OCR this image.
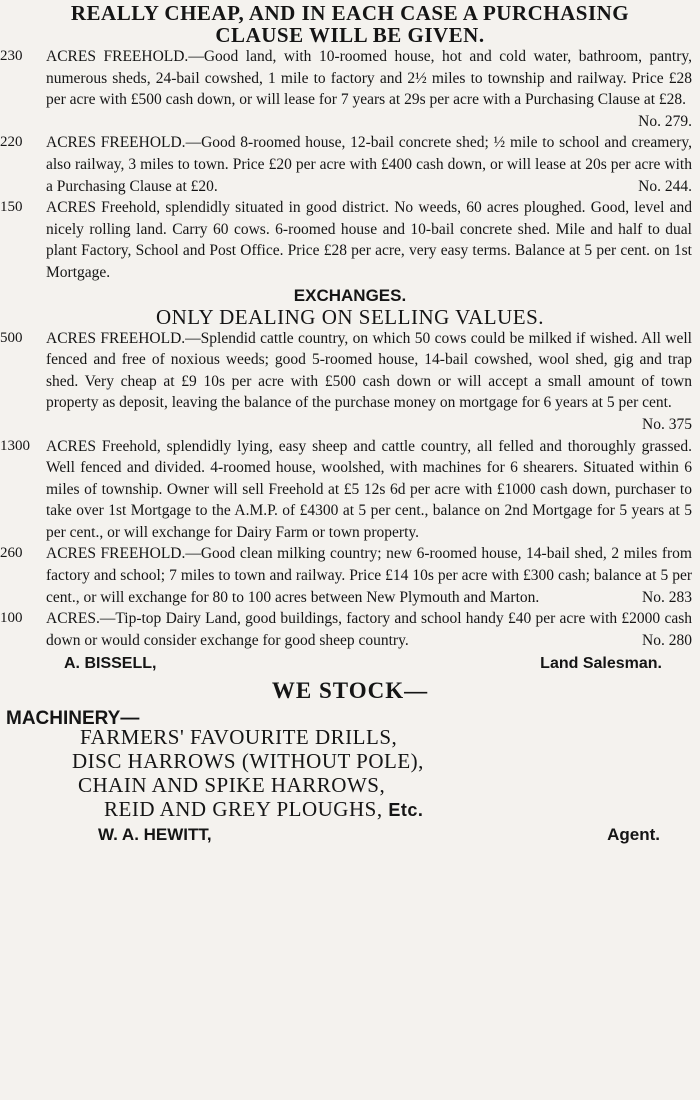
REALLY CHEAP, AND IN EACH CASE A PURCHASING
CLAUSE WILL BE GIVEN.
230	ACRES FREEHOLD.—Good land, with 10-roomed house, hot and cold water, bathroom, pantry, numerous sheds, 24-bail cowshed, 1 mile to factory and 2½ miles to township and railway. Price £28 per acre with £500 cash down, or will lease for 7 years at 29s per acre with a Purchasing Clause at £28.
No. 279.
220	ACRES FREEHOLD.—Good 8-roomed house, 12-bail concrete shed; ½ mile to school and creamery, also railway, 3 miles to town. Price £20 per acre with £400 cash down, or will lease at 20s per acre with a Purchasing Clause at £20.	No. 244.
150	ACRES Freehold, splendidly situated in good district. No weeds, 60 acres ploughed. Good, level and nicely rolling land. Carry 60 cows. 6-roomed house and 10-bail concrete shed. Mile and half to dual plant Factory, School and Post Office. Price £28 per acre, very easy terms. Balance at 5 per cent. on 1st Mortgage.
EXCHANGES.
ONLY DEALING ON SELLING VALUES.
500	ACRES FREEHOLD.—Splendid cattle country, on which 50 cows could be milked if wished. All well fenced and free of noxious weeds; good 5-roomed house, 14-bail cowshed, wool shed, gig and trap shed. Very cheap at £9 10s per acre with £500 cash down or will accept a small amount of town property as deposit, leaving the balance of the purchase money on mortgage for 6 years at 5 per cent.
No. 375
1300	ACRES Freehold, splendidly lying, easy sheep and cattle country, all felled and thoroughly grassed. Well fenced and divided. 4-roomed house, woolshed, with machines for 6 shearers. Situated within 6 miles of township. Owner will sell Freehold at £5 12s 6d per acre with £1000 cash down, purchaser to take over 1st Mortgage to the A.M.P. of £4300 at 5 per cent., balance on 2nd Mortgage for 5 years at 5 per cent., or will exchange for Dairy Farm or town property.
260	ACRES FREEHOLD.—Good clean milking country; new 6-roomed house, 14-bail shed, 2 miles from factory and school; 7 miles to town and railway. Price £14 10s per acre with £300 cash; balance at 5 per cent., or will exchange for 80 to 100 acres between New Plymouth and Marton.	No. 283
100	ACRES.—Tip-top Dairy Land, good buildings, factory and school handy £40 per acre with £2000 cash down or would consider exchange for good sheep country.	No. 280
A. BISSELL,	Land Salesman.
WE STOCK—
MACHINERY—
FARMERS' FAVOURITE DRILLS,
DISC HARROWS (WITHOUT POLE),
CHAIN AND SPIKE HARROWS,
REID AND GREY PLOUGHS, Etc.
W. A. HEWITT,	Agent.
